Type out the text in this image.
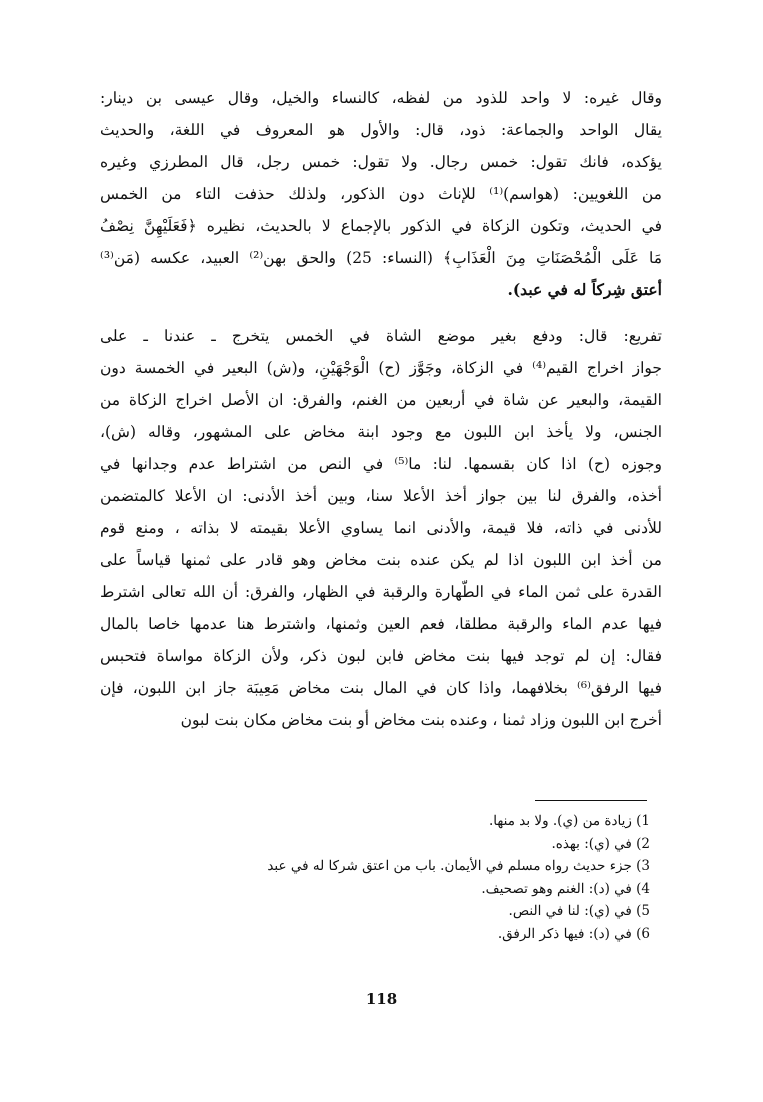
وقال غيره: لا واحد للذود من لفظه، كالنساء والخيل، وقال عيسى بن دينار:
يقال الواحد والجماعة: ذود، قال: والأول هو المعروف في اللغة، والحديث
يؤكده، فانك تقول: خمس رجال. ولا تقول: خمس رجل، قال المطرزي وغيره
من اللغويين: (هواسم)⁽¹⁾ للإناث دون الذكور، ولذلك حذفت التاء من الخمس
في الحديث، وتكون الزكاة في الذكور بالإجماع لا بالحديث، نظيره ﴿فَعَلَيْهِنَّ نِصْفُ
مَا عَلَى الْمُحْصَنَاتِ مِنَ الْعَذَابِ﴾ (النساء: 25) والحق بهن⁽²⁾ العبيد، عكسه (مَن⁽³⁾
أعتق شِركاً له في عبد).
تفريع: قال: ودفع بغير موضع الشاة في الخمس يتخرج ـ عندنا ـ على
جواز اخراج القيم⁽⁴⁾ في الزكاة، وجَوَّز (ح) الْوَجْهَيْنِ، و(ش) البعير في الخمسة دون
القيمة، والبعير عن شاة في أربعين من الغنم، والفرق: ان الأصل اخراج الزكاة من
الجنس، ولا يأخذ ابن اللبون مع وجود ابنة مخاض على المشهور، وقاله (ش)،
وجوزه (ح) اذا كان بقسمها. لنا: ما⁽⁵⁾ في النص من اشتراط عدم وجدانها في
أخذه، والفرق لنا بين جواز أخذ الأعلا سنا، وبين أخذ الأدنى: ان الأعلا كالمتضمن
للأدنى في ذاته، فلا قيمة، والأدنى انما يساوي الأعلا بقيمته لا بذاته ، ومنع قوم
من أخذ ابن اللبون اذا لم يكن عنده بنت مخاض وهو قادر على ثمنها قياساً على
القدرة على ثمن الماء في الطّهارة والرقبة في الظهار، والفرق: أن الله تعالى اشترط
فيها عدم الماء والرقبة مطلقا، فعم العين وثمنها، واشترط هنا عدمها خاصا بالمال
فقال: إن لم توجد فيها بنت مخاض فابن لبون ذكر، ولأن الزكاة مواساة فتحبس
فيها الرفق⁽⁶⁾ بخلافهما، واذا كان في المال بنت مخاض مَعِيبَة جاز ابن اللبون، فإن
أخرج ابن اللبون وزاد ثمنا ، وعنده بنت مخاض أو بنت مخاض مكان بنت لبون
1) زيادة من (ي). ولا بد منها.
2) في (ي): بهذه.
3) جزء حديث رواه مسلم في الأيمان. باب من اعتق شركا له في عبد
4) في (د): الغنم وهو تصحيف.
5) في (ي): لنا في النص.
6) في (د): فيها ذكر الرفق.
118
